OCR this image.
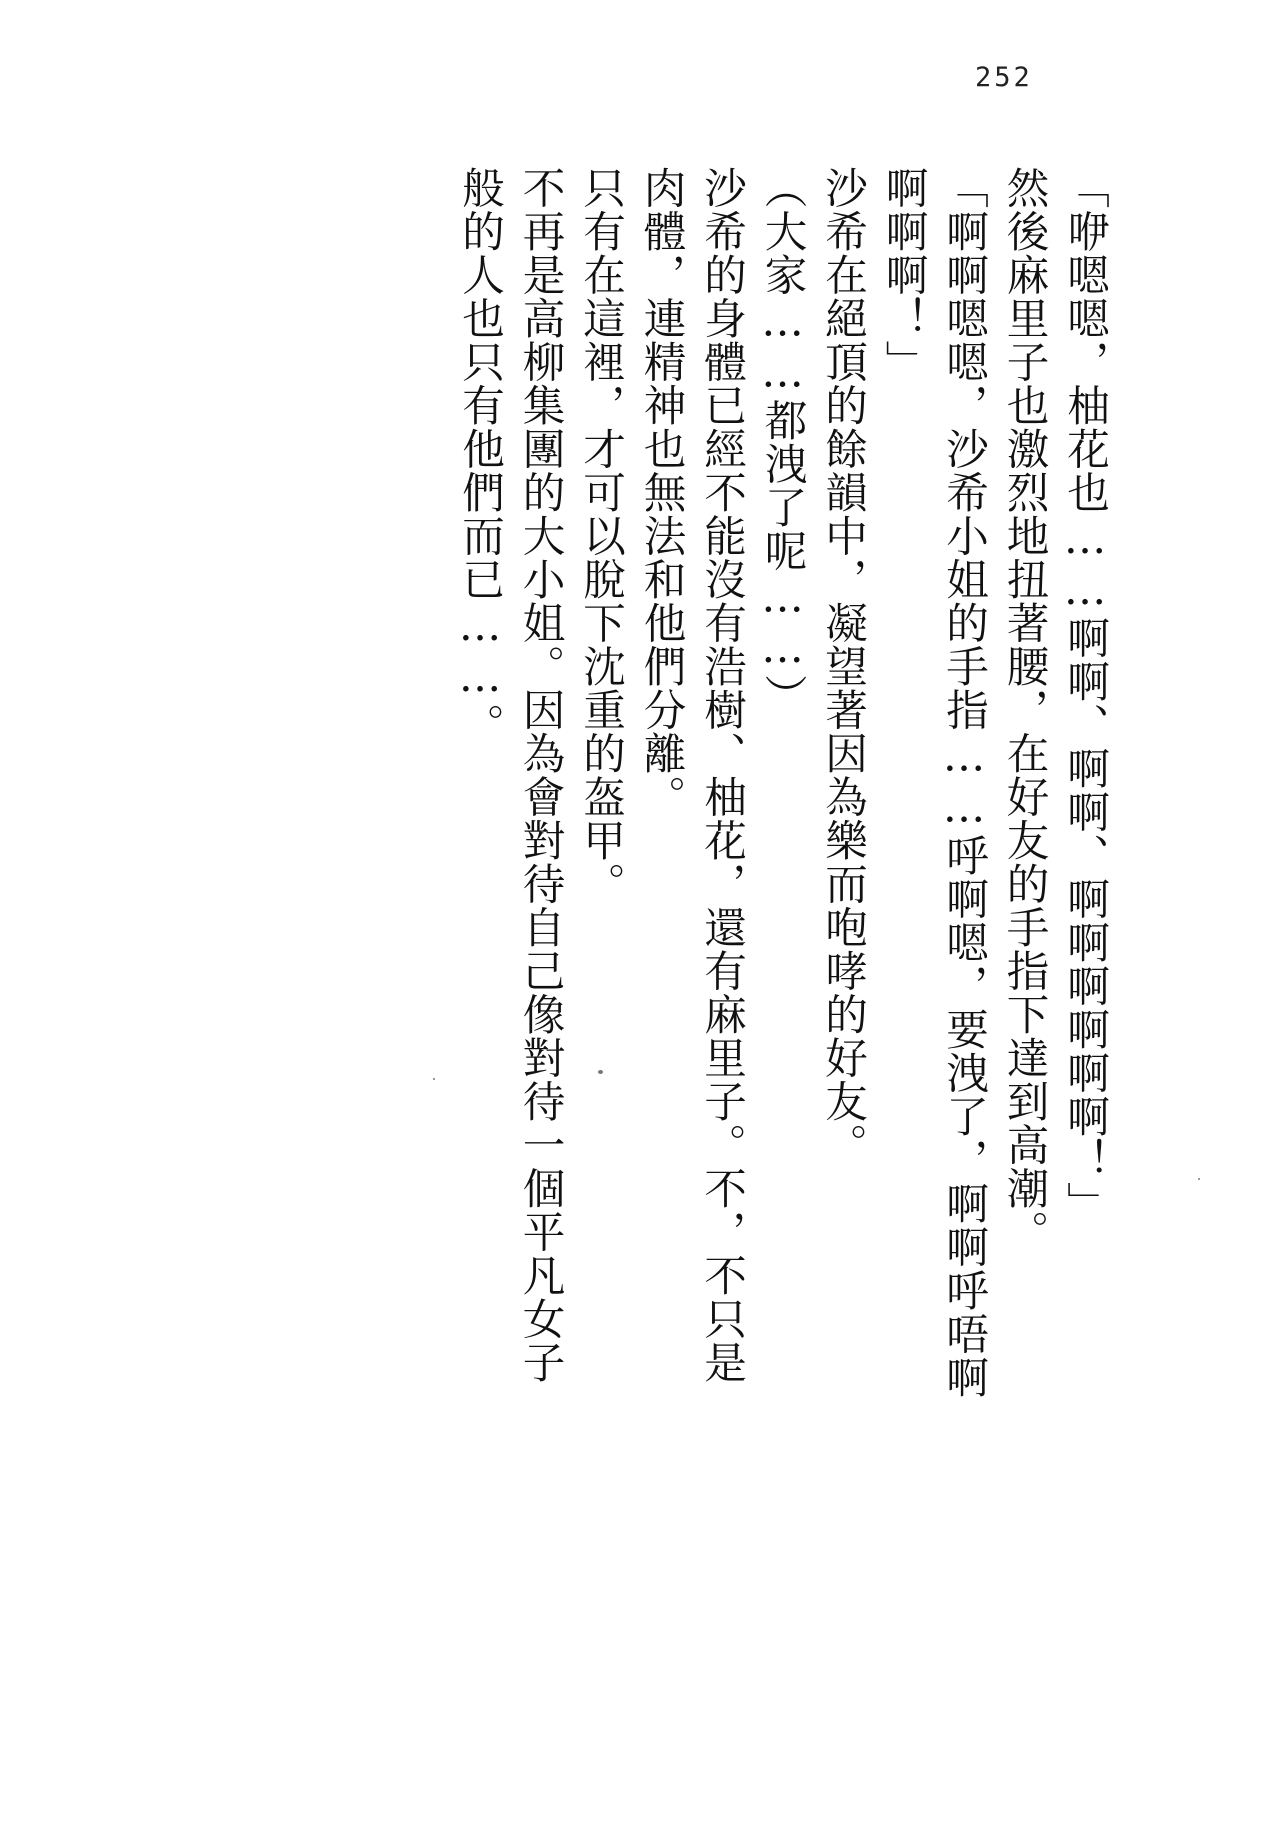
252
「咿嗯嗯，柚花也……啊啊、啊啊、啊啊啊啊啊啊！」
然後麻里子也激烈地扭著腰，在好友的手指下達到高潮。
「啊啊嗯嗯，沙希小姐的手指……呼啊嗯，要洩了，啊啊呼唔啊
啊啊啊！」
沙希在絕頂的餘韻中，凝望著因為樂而咆哮的好友。
（大家……都洩了呢……）
沙希的身體已經不能沒有浩樹、柚花，還有麻里子。不，不只是
肉體，連精神也無法和他們分離。
只有在這裡，才可以脫下沈重的盔甲。
不再是高柳集團的大小姐。因為會對待自己像對待一個平凡女子
般的人也只有他們而已……。
